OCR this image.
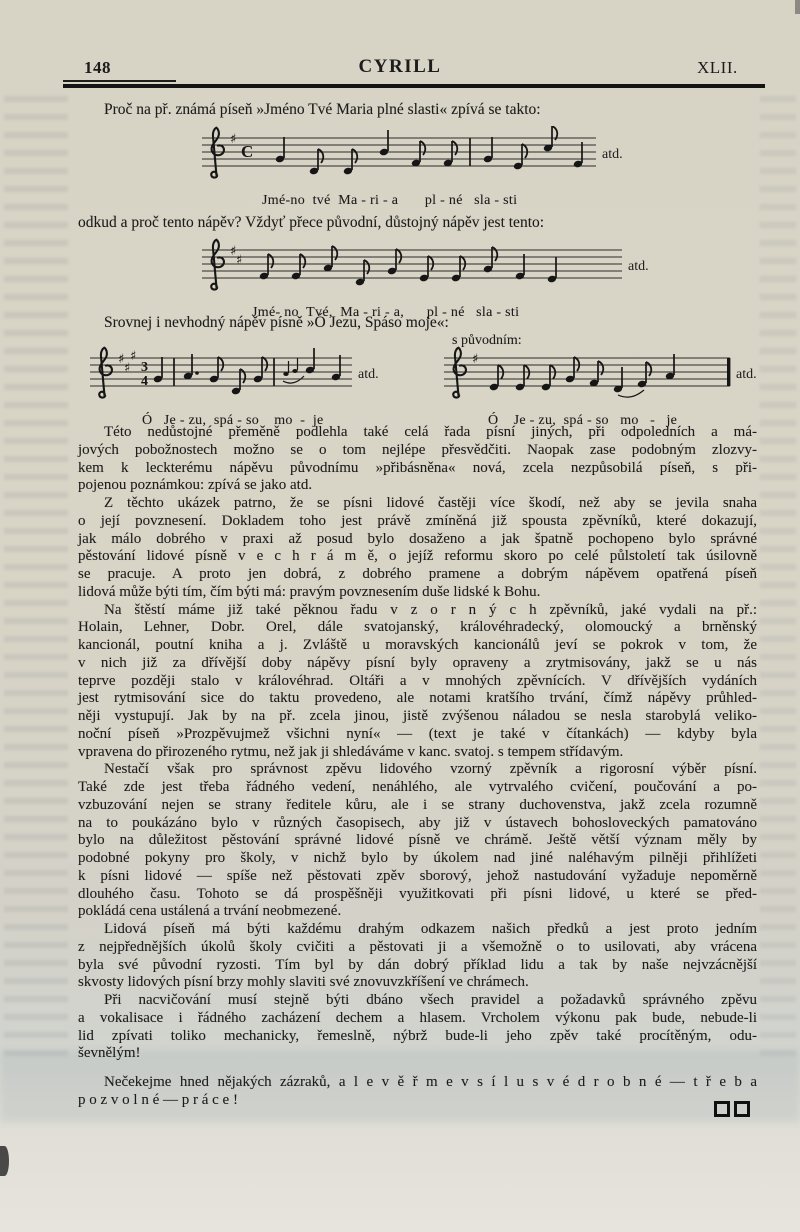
148	CYRILL	XLII.
Proč na př. známá píseň »Jméno Tvé Maria plné slasti« zpívá se takto:
♯
C	atd.
Jmé-no  tvé  Ma - ri - a       pl - né   sla - sti
odkud a proč tento nápěv? Vždyť přece původní, důstojný nápěv jest tento:
♯
♯	atd.
Jmé- no  Tvé,  Ma - ri - a,      pl - né   sla - sti
Srovnej i nevhodný nápěv písně »Ó Jezu, Spáso moje«:
s původním:
♯
♯
♯
3
4	atd.
Ó   Je - zu,  spá - so    mo  -  je
♯
atd.
Ó    Je - zu,  spá - so   mo   -   je
Této nedůstojné přeměně podlehla také celá řada písní jiných, při odpoledních a má-
jových pobožnostech možno se o tom nejlépe přesvědčiti. Naopak zase podobným zlozvy-
kem k leckterému nápěvu původnímu »přibásněna« nová, zcela nezpůsobilá píseň, s při-
pojenou poznámkou: zpívá se jako atd.
Z těchto ukázek patrno, že se písni lidové častěji více škodí, než aby se jevila snaha
o její povznesení. Dokladem toho jest právě zmíněná již spousta zpěvníků, které dokazují,
jak málo dobrého v praxi až posud bylo dosaženo a jak špatně pochopeno bylo správné
pěstování lidové písně v e c h r á m ě, o jejíž reformu skoro po celé půlstoletí tak úsilovně
se pracuje. A proto jen dobrá, z dobrého pramene a dobrým nápěvem opatřená píseň
lidová může býti tím, čím býti má: pravým povznesením duše lidské k Bohu.
Na štěstí máme již také pěknou řadu v z o r n ý c h zpěvníků, jaké vydali na př.:
Holain, Lehner, Dobr. Orel, dále svatojanský, královéhradecký, olomoucký a brněnský
kancionál, poutní kniha a j. Zvláště u moravských kancionálů jeví se pokrok v tom, že
v nich již za dřívější doby nápěvy písní byly opraveny a zrytmisovány, jakž se u nás
teprve později stalo v královéhrad. Oltáři a v mnohých zpěvnících. V dřívějších vydáních
jest rytmisování sice do taktu provedeno, ale notami kratšího trvání, čímž nápěvy průhled-
něji vystupují. Jak by na př. zcela jinou, jistě zvýšenou náladou se nesla starobylá veliko-
noční píseň »Prozpěvujmež všichni nyní« — (text je také v čítankách) — kdyby byla
vpravena do přirozeného rytmu, než jak ji shledáváme v kanc. svatoj. s tempem střídavým.
Nestačí však pro správnost zpěvu lidového vzorný zpěvník a rigorosní výběr písní.
Také zde jest třeba řádného vedení, nenáhlého, ale vytrvalého cvičení, poučování a po-
vzbuzování nejen se strany ředitele kůru, ale i se strany duchovenstva, jakž zcela rozumně
na to poukázáno bylo v různých časopisech, aby již v ústavech bohosloveckých pamatováno
bylo na důležitost pěstování správné lidové písně ve chrámě. Ještě větší význam měly by
podobné pokyny pro školy, v nichž bylo by úkolem nad jiné naléhavým pilněji přihlížeti
k písni lidové — spíše než pěstovati zpěv sborový, jehož nastudování vyžaduje nepoměrně
dlouhého času. Tohoto se dá prospěšněji využitkovati při písni lidové, u které se před-
pokládá cena ustálená a trvání neobmezené.
Lidová píseň má býti každému drahým odkazem našich předků a jest proto jedním
z nejpřednějších úkolů školy cvičiti a pěstovati ji a všemožně o to usilovati, aby vrácena
byla své původní ryzosti. Tím byl by dán dobrý příklad lidu a tak by naše nejvzácnější
skvosty lidových písní brzy mohly slaviti své znovuvzkříšení ve chrámech.
Při nacvičování musí stejně býti dbáno všech pravidel a požadavků správného zpěvu
a vokalisace i řádného zacházení dechem a hlasem. Vrcholem výkonu pak bude, nebude-li
lid zpívati toliko mechanicky, řemeslně, nýbrž bude-li jeho zpěv také procítěným, odu-
ševnělým!
Nečekejme hned nějakých zázraků, a l e v ě ř m e v s í l u s v é d r o b n é — t ř e b a
p o z v o l n é — p r á c e !
